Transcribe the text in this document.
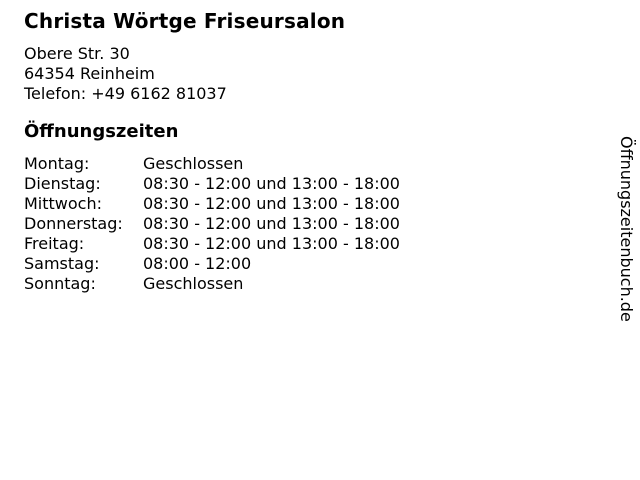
Christa Wörtge Friseursalon
Obere Str. 30
64354 Reinheim
Telefon: +49 6162 81037
Öffnungszeiten
Montag:	Geschlossen
Dienstag:	08:30 - 12:00 und 13:00 - 18:00
Mittwoch:	08:30 - 12:00 und 13:00 - 18:00
Donnerstag:	08:30 - 12:00 und 13:00 - 18:00
Freitag:	08:30 - 12:00 und 13:00 - 18:00
Samstag:	08:00 - 12:00
Sonntag:	Geschlossen	Öffnungszeitenbuch.de
